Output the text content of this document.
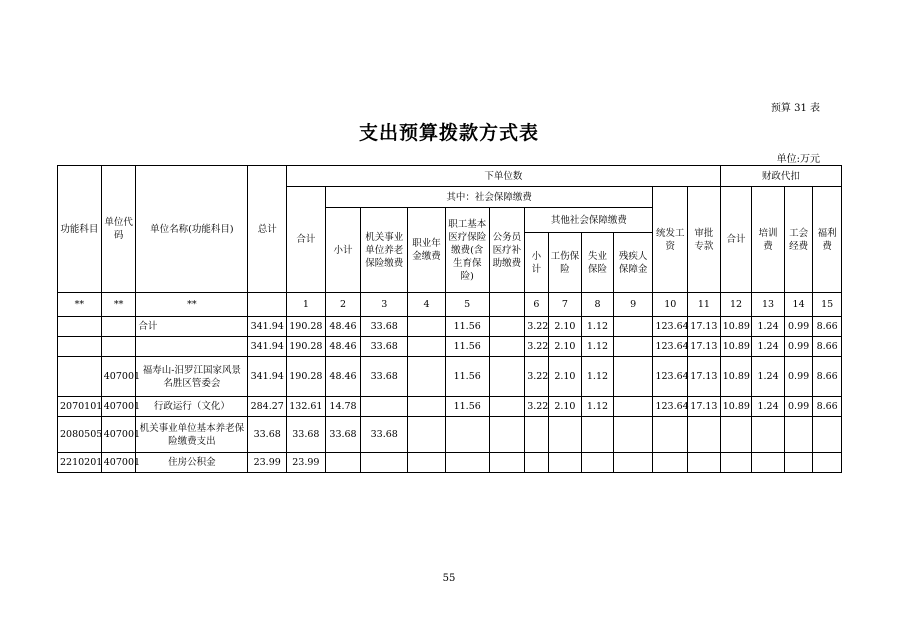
预算 31 表
支出预算拨款方式表
单位:万元
功能科目	单位代码	单位名称(功能科目)	总计	下单位数												财政代扣			
				合计	其中：社会保障缴费									统发工资	审批专款	合计	培训费	工会经费	福利费
					小计	机关事业单位养老保险缴费	职业年金缴费	职工基本医疗保险缴费(含生育保险)	公务员医疗补助缴费	其他社会保障缴费									
										小计	工伤保险	失业保险	残疾人保障金						
**	**	**		1	2	3	4	5		6	7	8	9	10	11	12	13	14	15
		合计	341.94	190.28	48.46	33.68		11.56		3.22	2.10	1.12		123.64	17.13	10.89	1.24	0.99	8.66
			341.94	190.28	48.46	33.68		11.56		3.22	2.10	1.12		123.64	17.13	10.89	1.24	0.99	8.66
	407001	福寿山-汨罗江国家风景名胜区管委会	341.94	190.28	48.46	33.68		11.56		3.22	2.10	1.12		123.64	17.13	10.89	1.24	0.99	8.66
2070101	407001	行政运行（文化）	284.27	132.61	14.78			11.56		3.22	2.10	1.12		123.64	17.13	10.89	1.24	0.99	8.66
2080505	407001	机关事业单位基本养老保险缴费支出	33.68	33.68	33.68	33.68													
2210201	407001	住房公积金	23.99	23.99															
55
